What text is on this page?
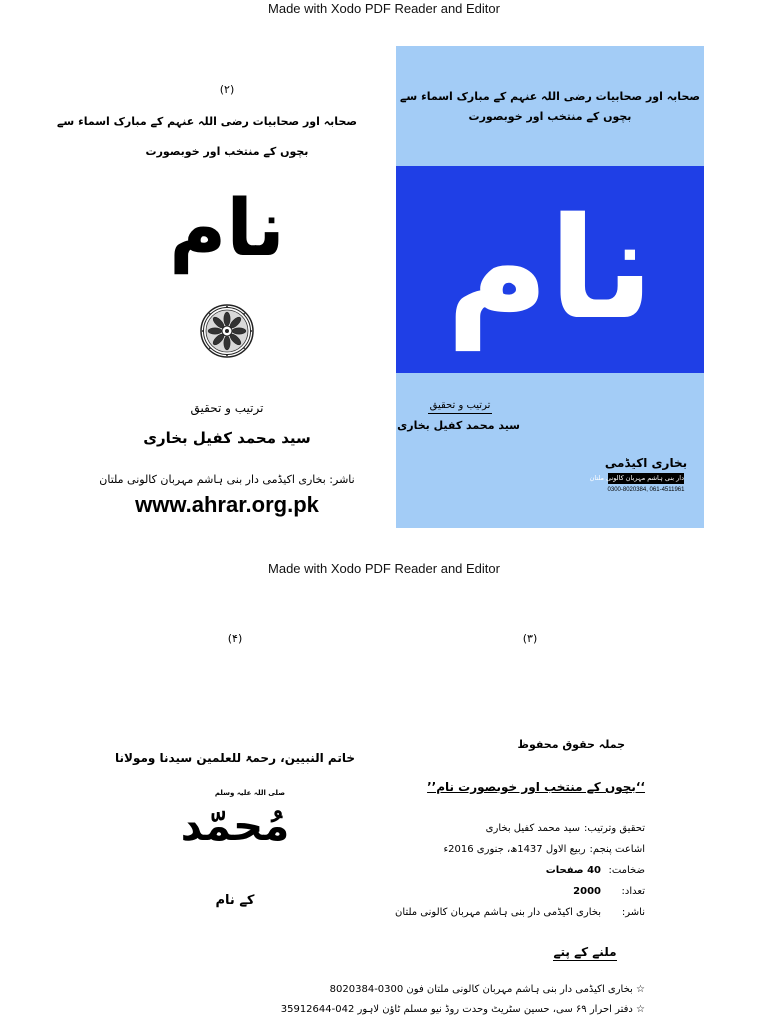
Made with Xodo PDF Reader and Editor
(۲)
صحابہ اور صحابیات رضی اللہ عنہم کے مبارک اسماء سے
بچوں کے منتخب اور خوبصورت
نام
ترتیب و تحقیق
سید محمد کفیل بخاری
ناشر: بخاری اکیڈمی دار بنی ہاشم مہربان کالونی ملتان
www.ahrar.org.pk
صحابہ اور صحابیات رضی اللہ عنہم کے مبارک اسماء سے
بچوں کے منتخب اور خوبصورت
نام
ترتیب و تحقیق
سید محمد کفیل بخاری
بخاری اکیڈمی
دار بنی ہاشم مہربان کالونی ملتان
0300-8020384, 061-4511961
Made with Xodo PDF Reader and Editor
(۴)
خاتم النبیین، رحمۃ للعلمین سیدنا ومولانا
صلی اللہ علیہ وسلم
مُحمّد
کے نام
(۳)
جملہ حقوق محفوظ
‘‘بچوں کے منتخب اور خوبصورت نام’’
تحقیق وترتیب:سید محمد کفیل بخاری
اشاعت پنجم:ربیع الاول 1437ھ، جنوری 2016ء
ضخامت:40 صفحات
تعداد:2000
ناشر:بخاری اکیڈمی دار بنی ہاشم مہربان کالونی ملتان
ملنے کے پتے
☆ بخاری اکیڈمی دار بنی ہاشم مہربان کالونی ملتان فون 0300-8020384
☆ دفتر احرار ۶۹ سی، حسین سٹریٹ وحدت روڈ نیو مسلم ٹاؤن لاہور 042-35912644
